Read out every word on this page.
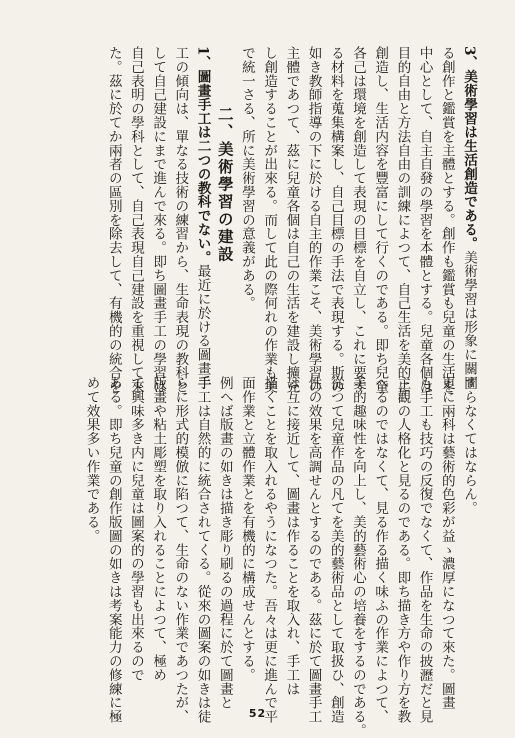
3、美術學習は生活創造である。美術學習は形象に關す
る創作と鑑賞を主體とする。創作も鑑賞も兒童の生活を
中心として、自主自發の學習を本體とする。兒童各個は
目的自由と方法自由の訓練によつて、自己生活を美的に
創造し、生活内容を豐富にして行くのである。即ち兒童
各己は環境を創造して表現の目標を自立し、これに要す
る材料を蒐集構案し、自己目標の手法で表現する。斯の
如き教師指導の下に於ける自主的作業こそ、美術學習の
主體であつて、茲に兒童各個は自己の生活を建設し擴充
し創造することが出來る。而して此の際何れの作業も美
で統一さる、所に美術學習の意義がある。
二、美術學習の建設
1、圖畫手工は二つの教科でない。最近に於ける圖畫手
工の傾向は、單なる技術の練習から、生命表現の教科と
して自己建設にまで進んで來る。即ち圖畫手工の學習は
自己表明の學科として、自己表現自己建設を重視して來
た。茲に於てか兩者の區別を除去して、有機的の統合を
52
圖らなくてはならん。
更に兩科は藝術的色彩が益ゝ濃厚になつて來た。圖畫
も手工も技巧の反復でなくて、作品を生命の披瀝だと見
主觀の人格化と見るのである。即ち描き方や作り方を教
へるのではなくて、見る作る描く味ふの作業によつて、
美的趣味性を向上し、美的藝術心の培養をするのである。
從つて兒童作品の凡てを美的藝術品として取扱ひ、創造
性の效果を高調せんとするのである。茲に於て圖畫手工
は互に接近して、圖畫は作ることを取入れ、手工は
描くことを取入れるやうになつた。吾々は更に進んで平
面作業と立體作業とを有機的に構成せんとする。
例へば版畫の如きは描き彫り刷るの過程に於て圖畫と
手工は自然的に統合されてくる。從來の圖案の如きは徒
らに形式的模倣に陷つて、生命のない作業であつたが、
版畫や粘土彫塑を取り入れることによつて、極め
て興味多き内に兒童は圖案的の學習も出來るので
ある。即ち兒童の創作版圖の如きは考案能力の修練に極
めて效果多い作業である。
